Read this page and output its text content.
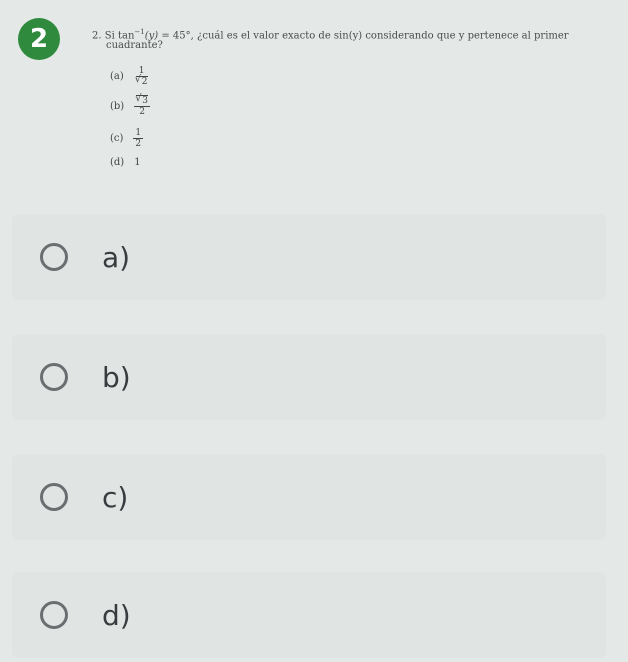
2	2. Si $\tan^{-1}(y) = 45^\circ$, ¿cuál es el valor exacto de sin(y) considerando que y pertenece al primer

cuadrante?

(a) 1
√ 2
(b)
√ $\frac{3}{2}$
$(c) \frac{1}{2}$
(d) 1
a)
b)
c)
d)
